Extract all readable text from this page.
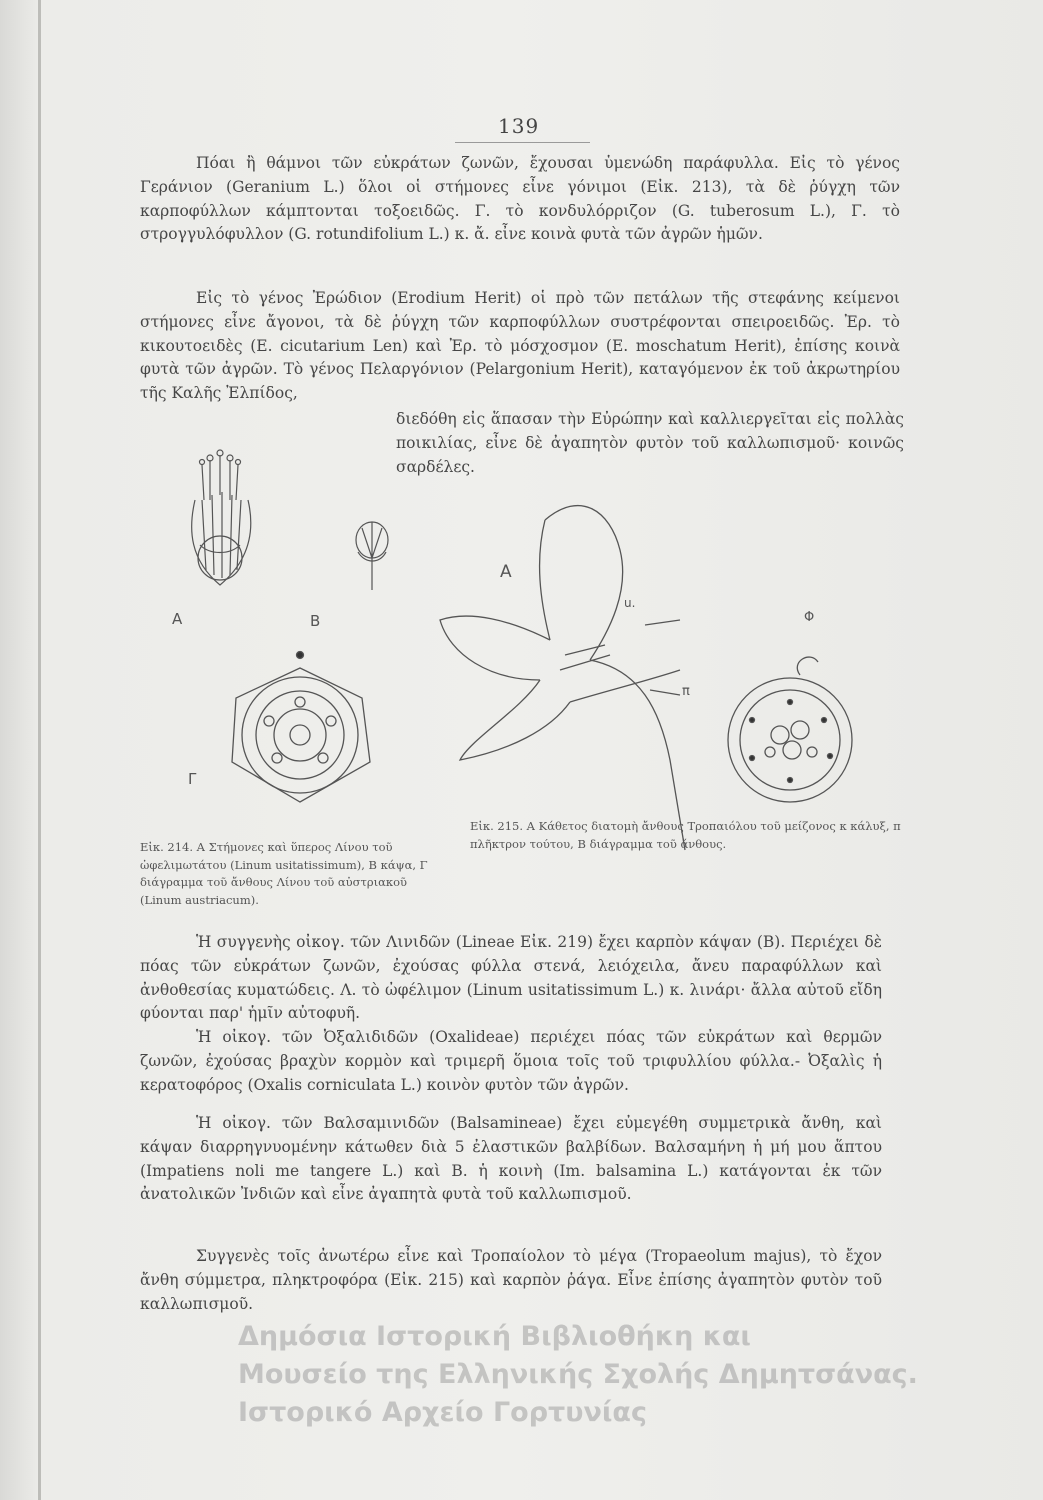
139
Πόαι ἢ θάμνοι τῶν εὐκράτων ζωνῶν, ἔχουσαι ὑμενώδη παράφυλλα. Εἰς τὸ γένος Γεράνιον (Geranium L.) ὅλοι οἱ στήμονες εἶνε γόνιμοι (Εἰκ. 213), τὰ δὲ ῥύγχη τῶν καρποφύλλων κάμπτονται τοξοειδῶς. Γ. τὸ κονδυλόρριζον (G. tuberosum L.), Γ. τὸ στρογγυλόφυλλον (G. rotundifolium L.) κ. ἄ. εἶνε κοινὰ φυτὰ τῶν ἀγρῶν ἡμῶν.
Εἰς τὸ γένος Ἐρώδιον (Erodium Herit) οἱ πρὸ τῶν πετάλων τῆς στεφάνης κείμενοι στήμονες εἶνε ἄγονοι, τὰ δὲ ῥύγχη τῶν καρποφύλλων συστρέφονται σπειροειδῶς. Ἐρ. τὸ κικουτοειδὲς (E. cicutarium Len) καὶ Ἐρ. τὸ μόσχοσμον (E. moschatum Herit), ἐπίσης κοινὰ φυτὰ τῶν ἀγρῶν. Τὸ γένος Πελαργόνιον (Pelargonium Herit), καταγόμενον ἐκ τοῦ ἀκρωτηρίου τῆς Καλῆς Ἐλπίδος,
διεδόθη εἰς ἅπασαν τὴν Εὐρώπην καὶ καλλιεργεῖται εἰς πολλὰς ποικιλίας, εἶνε δὲ ἀγαπητὸν φυτὸν τοῦ καλλωπισμοῦ· κοινῶς σαρδέλες.
A	B
Γ
A
u.
π
Φ
Εἰκ. 214. Α Στήμονες καὶ ὕπερος Λίνου τοῦ ὠφελιμωτάτου (Linum usitatissimum), Β κάψα, Γ διάγραμμα τοῦ ἄνθους Λίνου τοῦ αὐστριακοῦ (Linum austriacum).
Εἰκ. 215. Α Κάθετος διατομὴ ἄνθους Τροπαιόλου τοῦ μείζονος κ κάλυξ, π πλῆκτρον τούτου, Β διάγραμμα τοῦ ἄνθους.
Ἡ συγγενὴς οἰκογ. τῶν Λινιδῶν (Lineae Εἰκ. 219) ἔχει καρπὸν κάψαν (B). Περιέχει δὲ πόας τῶν εὐκράτων ζωνῶν, ἐχούσας φύλλα στενά, λειόχειλα, ἄνευ παραφύλλων καὶ ἀνθοθεσίας κυματώδεις. Λ. τὸ ὠφέλιμον (Linum usitatissimum L.) κ. λινάρι· ἄλλα αὐτοῦ εἴδη φύονται παρ' ἡμῖν αὐτοφυῆ.
Ἡ οἰκογ. τῶν Ὀξαλιδιδῶν (Oxalideae) περιέχει πόας τῶν εὐκράτων καὶ θερμῶν ζωνῶν, ἐχούσας βραχὺν κορμὸν καὶ τριμερῆ ὅμοια τοῖς τοῦ τριφυλλίου φύλλα.- Ὀξαλὶς ἡ κερατοφόρος (Oxalis corniculata L.) κοινὸν φυτὸν τῶν ἀγρῶν.
Ἡ οἰκογ. τῶν Βαλσαμινιδῶν (Balsamineae) ἔχει εὐμεγέθη συμμετρικὰ ἄνθη, καὶ κάψαν διαρρηγνυομένην κάτωθεν διὰ 5 ἐλαστικῶν βαλβίδων. Βαλσαμήνη ἡ μή μου ἅπτου (Impatiens noli me tangere L.) καὶ Β. ἡ κοινὴ (Im. balsamina L.) κατάγονται ἐκ τῶν ἀνατολικῶν Ἰνδιῶν καὶ εἶνε ἀγαπητὰ φυτὰ τοῦ καλλωπισμοῦ.
Συγγενὲς τοῖς ἀνωτέρω εἶνε καὶ Τροπαίολον τὸ μέγα (Tropaeolum majus), τὸ ἔχον ἄνθη σύμμετρα, πληκτροφόρα (Εἰκ. 215) καὶ καρπὸν ῥάγα. Εἶνε ἐπίσης ἀγαπητὸν φυτὸν τοῦ καλλωπισμοῦ.
Δημόσια Ιστορική Βιβλιοθήκη και
Μουσείο της Ελληνικής Σχολής Δημητσάνας.
Ιστορικό Αρχείο Γορτυνίας
